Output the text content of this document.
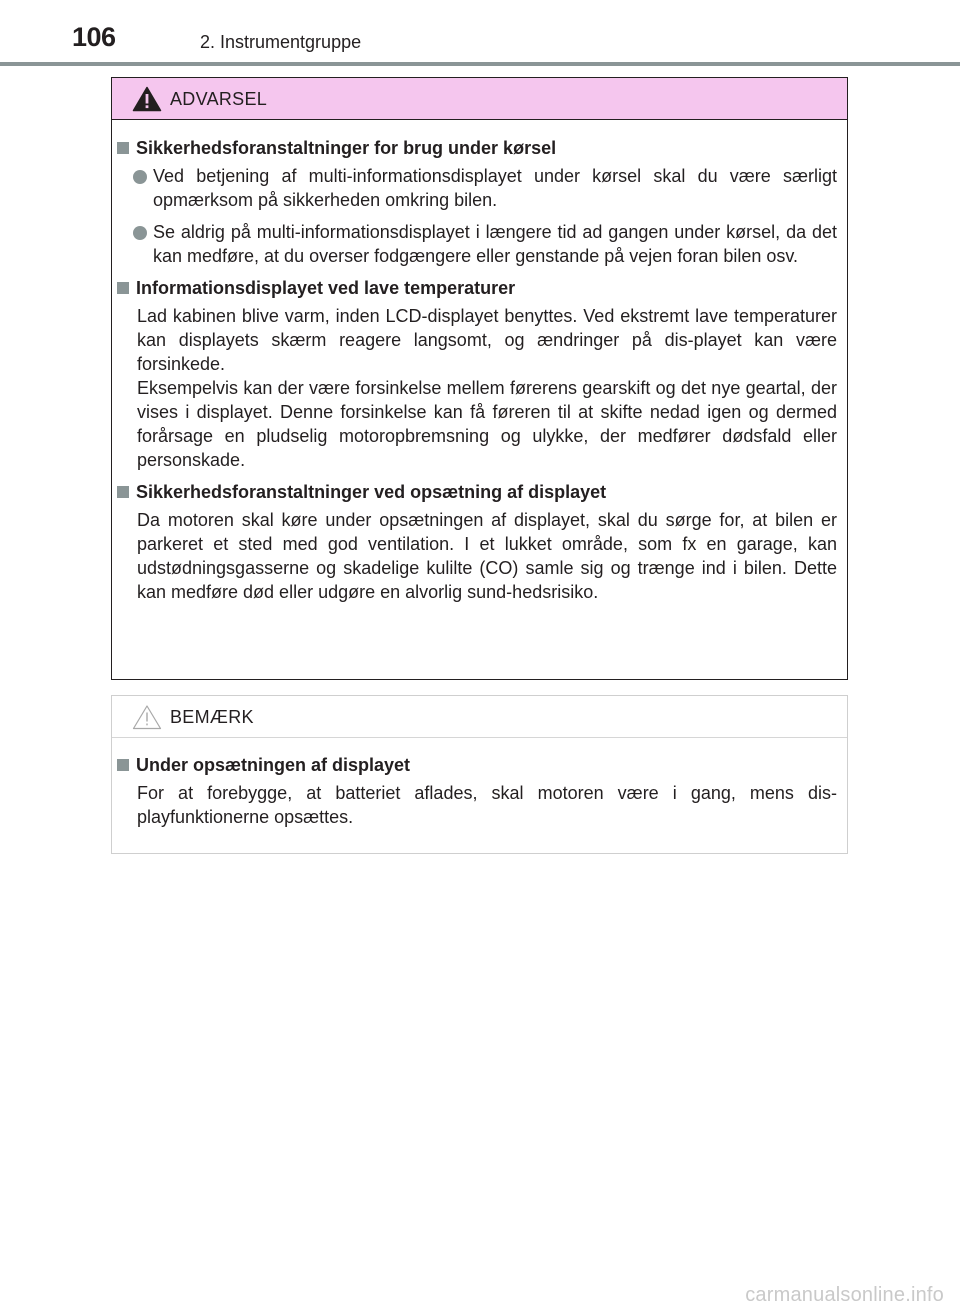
106	2. Instrumentgruppe
ADVARSEL
Sikkerhedsforanstaltninger for brug under kørsel

Ved betjening af multi-informationsdisplayet under kørsel skal du være særligt opmærksom på sikkerheden omkring bilen.

Se aldrig på multi-informationsdisplayet i længere tid ad gangen under kørsel, da det kan medføre, at du overser fodgængere eller genstande på vejen foran bilen osv.

Informationsdisplayet ved lave temperaturer

Lad kabinen blive varm, inden LCD-displayet benyttes. Ved ekstremt lave temperaturer kan displayets skærm reagere langsomt, og ændringer på dis-playet kan være forsinkede.

Eksempelvis kan der være forsinkelse mellem førerens gearskift og det nye geartal, der vises i displayet. Denne forsinkelse kan få føreren til at skifte nedad igen og dermed forårsage en pludselig motoropbremsning og ulykke, der medfører dødsfald eller personskade.

Sikkerhedsforanstaltninger ved opsætning af displayet

Da motoren skal køre under opsætningen af displayet, skal du sørge for, at bilen er parkeret et sted med god ventilation. I et lukket område, som fx en garage, kan udstødningsgasserne og skadelige kulilte (CO) samle sig og trænge ind i bilen. Dette kan medføre død eller udgøre en alvorlig sund-hedsrisiko.

BEMÆRK
Under opsætningen af displayet

For at forebygge, at batteriet aflades, skal motoren være i gang, mens dis-playfunktionerne opsættes.

carmanualsonline.info
